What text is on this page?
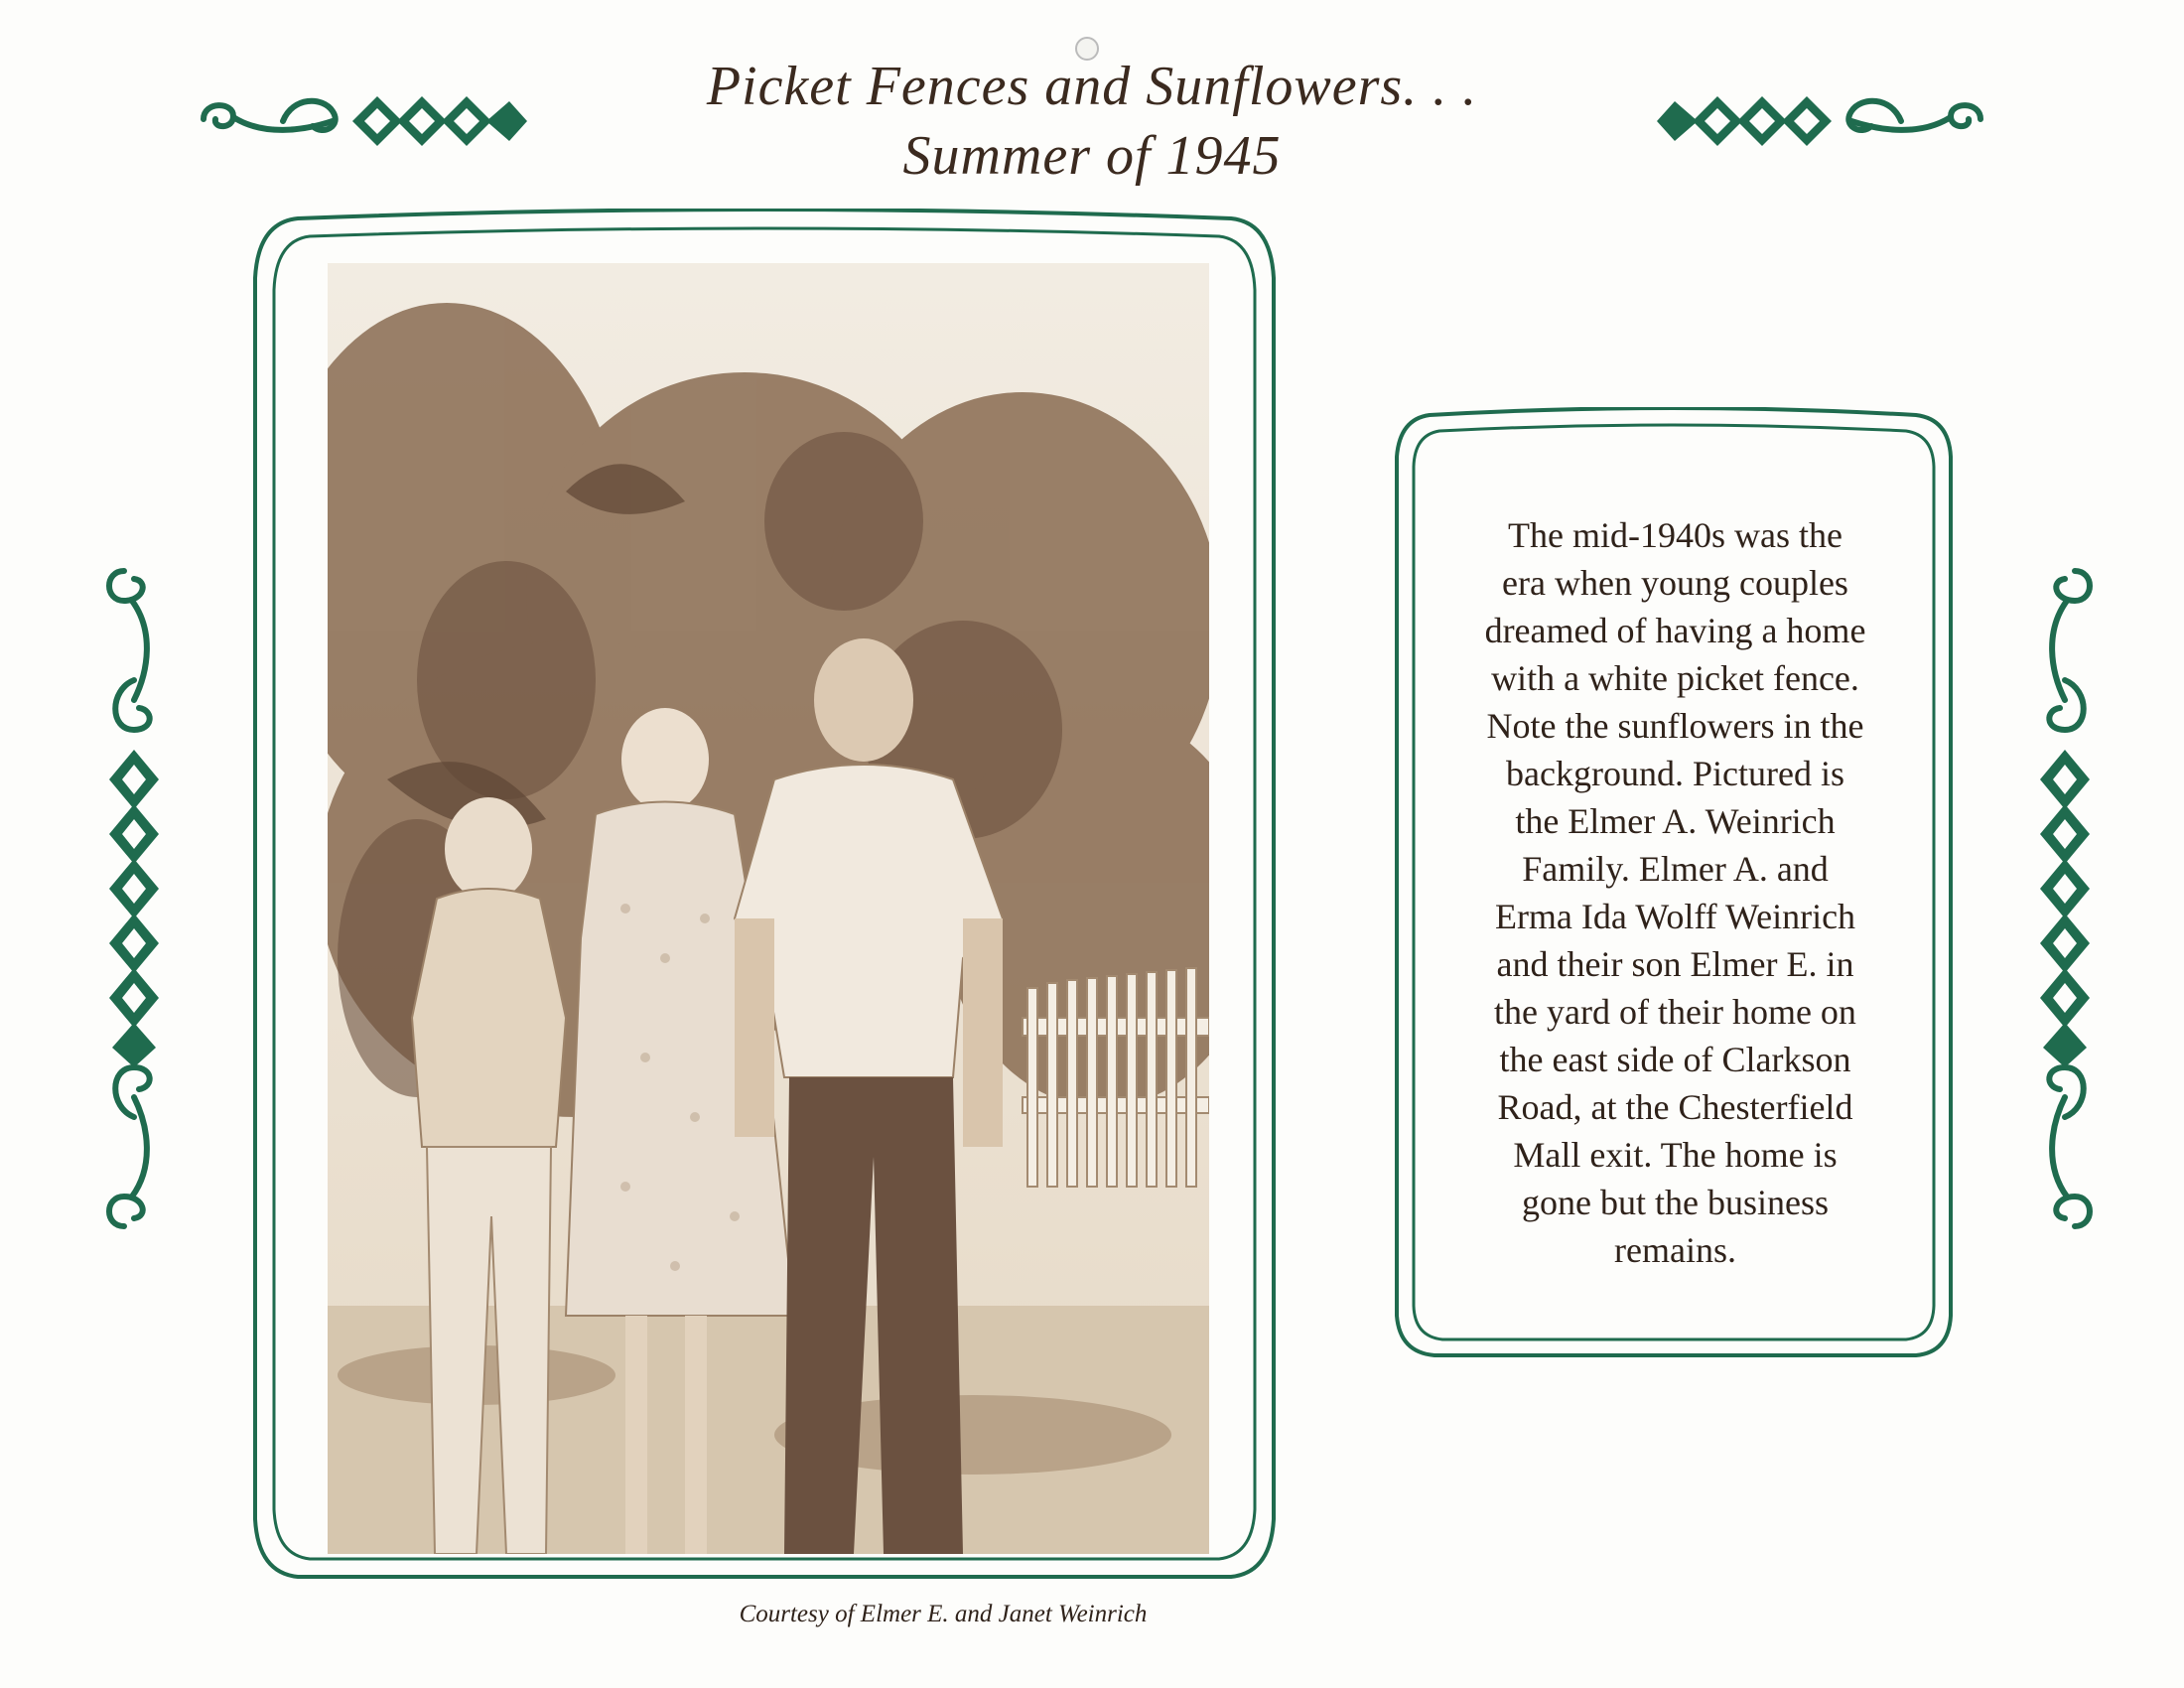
Picket Fences and Sunflowers. . .
Summer of 1945
Courtesy of Elmer E. and Janet Weinrich
The mid-1940s was the
era when young couples
dreamed of having a home
with a white picket fence.
Note the sunflowers in the
background. Pictured is
the Elmer A. Weinrich
Family. Elmer A. and
Erma Ida Wolff Weinrich
and their son Elmer E. in
the yard of their home on
the east side of Clarkson
Road, at the Chesterfield
Mall exit. The home is
gone but the business
remains.
